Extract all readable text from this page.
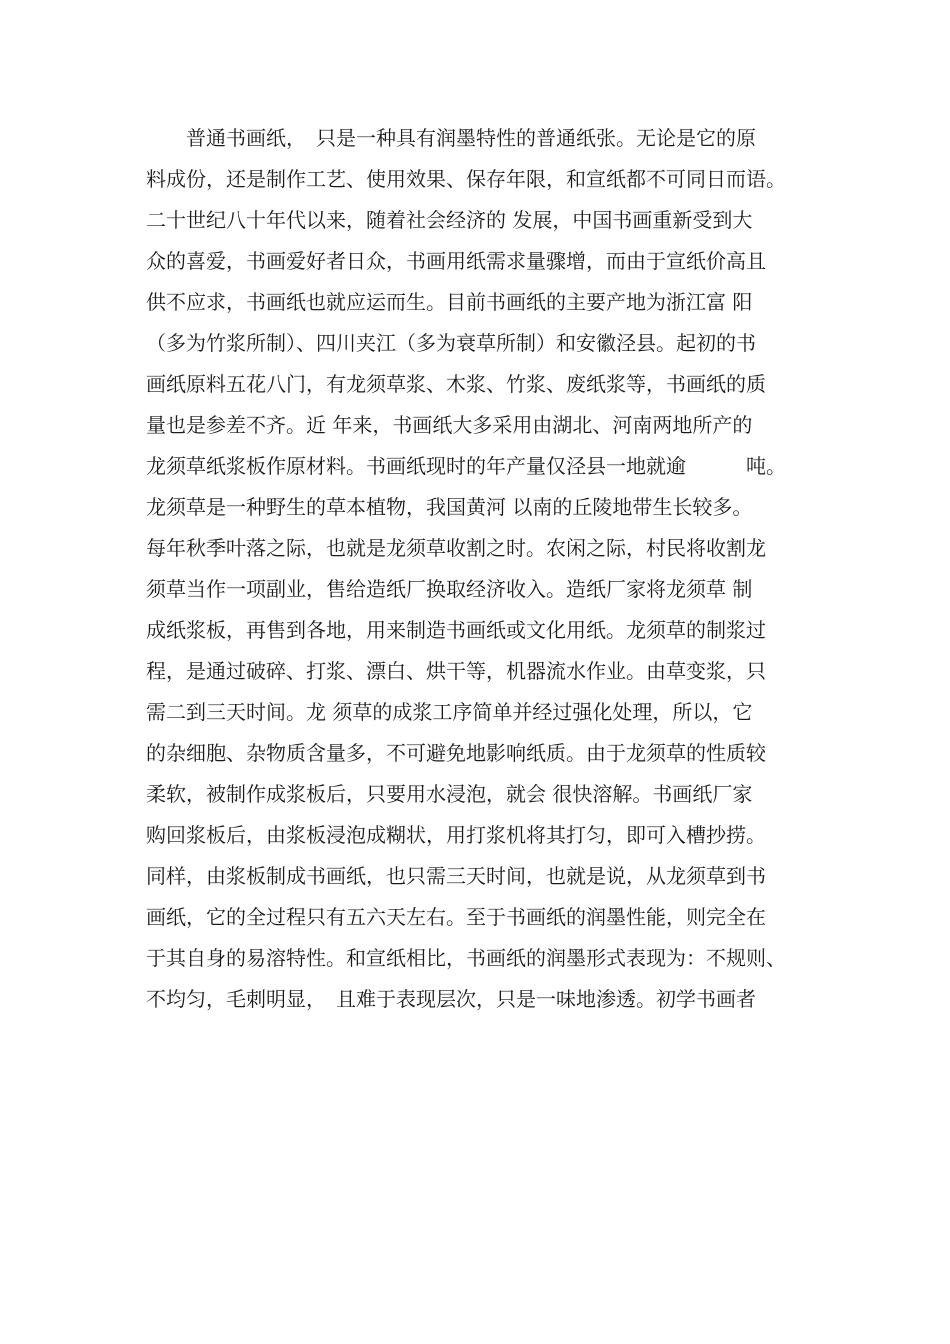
　　普通书画纸，　只是一种具有润墨特性的普通纸张。无论是它的原
料成份，还是制作工艺、使用效果、保存年限，和宣纸都不可同日而语。
二十世纪八十年代以来，随着社会经济的 发展，中国书画重新受到大
众的喜爱，书画爱好者日众，书画用纸需求量骤增，而由于宣纸价高且
供不应求，书画纸也就应运而生。目前书画纸的主要产地为浙江富 阳
（多为竹浆所制）、四川夹江（多为衰草所制）和安徽泾县。起初的书
画纸原料五花八门，有龙须草浆、木浆、竹浆、废纸浆等，书画纸的质
量也是参差不齐。近 年来，书画纸大多采用由湖北、河南两地所产的
龙须草纸浆板作原材料。书画纸现时的年产量仅泾县一地就逾　　　吨。
龙须草是一种野生的草本植物，我国黄河 以南的丘陵地带生长较多。
每年秋季叶落之际，也就是龙须草收割之时。农闲之际，村民将收割龙
须草当作一项副业，售给造纸厂换取经济收入。造纸厂家将龙须草 制
成纸浆板，再售到各地，用来制造书画纸或文化用纸。龙须草的制浆过
程，是通过破碎、打浆、漂白、烘干等，机器流水作业。由草变浆，只
需二到三天时间。龙 须草的成浆工序简单并经过强化处理，所以，它
的杂细胞、杂物质含量多，不可避免地影响纸质。由于龙须草的性质较
柔软，被制作成浆板后，只要用水浸泡，就会 很快溶解。书画纸厂家
购回浆板后，由浆板浸泡成糊状，用打浆机将其打匀，即可入槽抄捞。
同样，由浆板制成书画纸，也只需三天时间，也就是说，从龙须草到书
画纸，它的全过程只有五六天左右。至于书画纸的润墨性能，则完全在
于其自身的易溶特性。和宣纸相比，书画纸的润墨形式表现为：不规则、
不均匀，毛刺明显，　且难于表现层次，只是一味地渗透。初学书画者
